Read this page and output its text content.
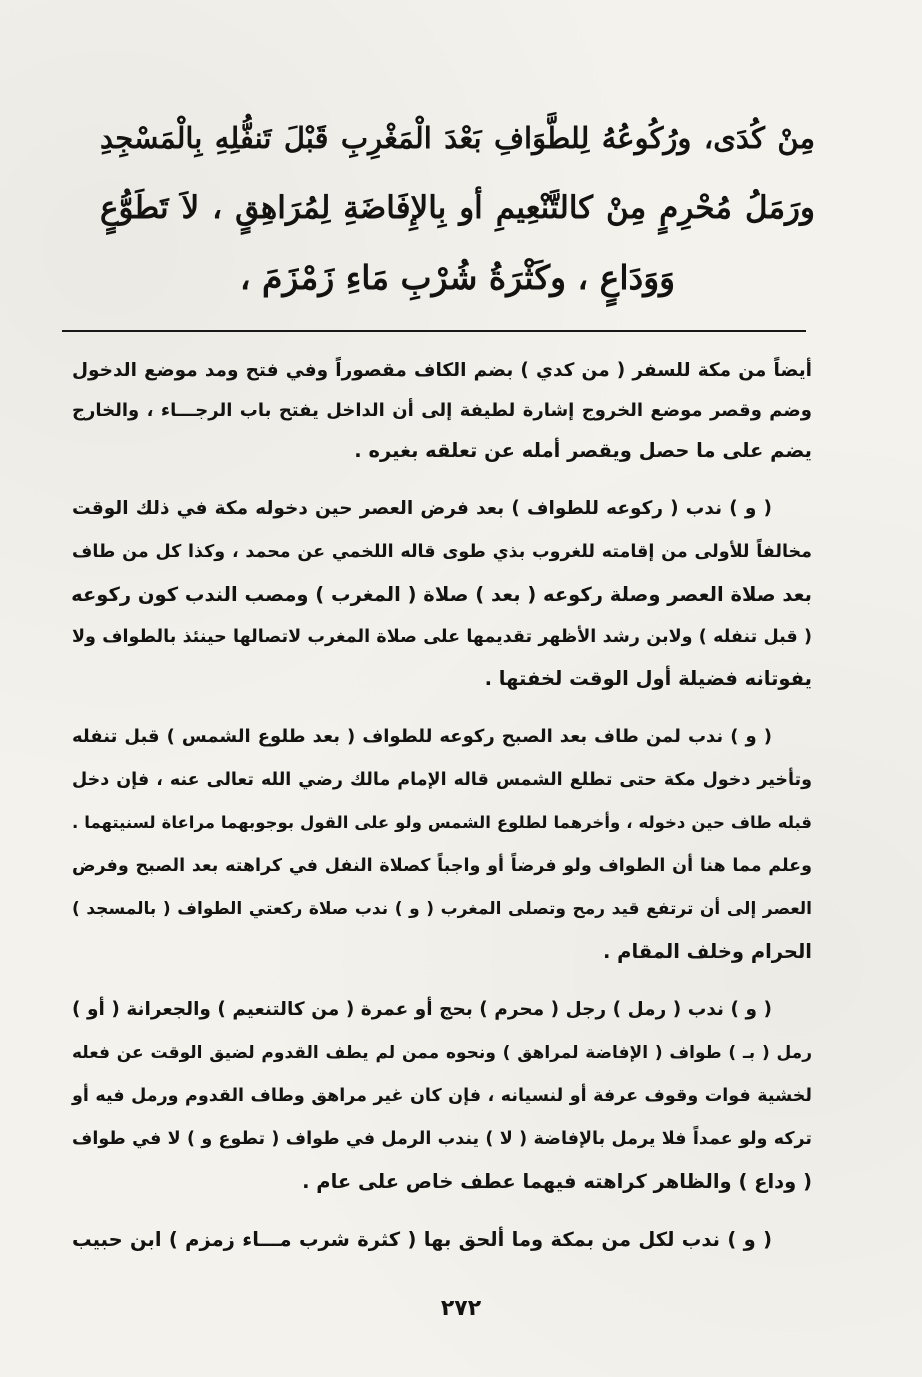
مِنْ كُدَى، ورُكُوعُهُ لِلطَّوَافِ بَعْدَ الْمَغْرِبِ قَبْلَ تَنفُّلِهِ بِالْمَسْجِدِ
ورَمَلُ مُحْرِمٍ مِنْ كالتَّنْعِيمِ أو بِالإِفَاضَةِ لِمُرَاهِقٍ ، لاَ تَطَوُّعٍ
وَوَدَاعٍ ، وكَثْرَةُ شُرْبِ مَاءِ زَمْزَمَ ،
أيضاً من مكة للسفر ( من كدي ) بضم الكاف مقصوراً وفي فتح ومد موضع الدخول
وضم وقصر موضع الخروج إشارة لطيفة إلى أن الداخل يفتح باب الرجـــاء ، والخارج
يضم على ما حصل ويقصر أمله عن تعلقه بغيره .
( و ) ندب ( ركوعه للطواف ) بعد فرض العصر حين دخوله مكة في ذلك الوقت
مخالفاً للأولى من إقامته للغروب بذي طوى قاله اللخمي عن محمد ، وكذا كل من طاف
بعد صلاة العصر وصلة ركوعه ( بعد ) صلاة ( المغرب ) ومصب الندب كون ركوعه
( قبل تنفله ) ولابن رشد الأظهر تقديمها على صلاة المغرب لاتصالها حينئذ بالطواف ولا
يفوتانه فضيلة أول الوقت لخفتها .
( و ) ندب لمن طاف بعد الصبح ركوعه للطواف ( بعد طلوع الشمس ) قبل تنفله
وتأخير دخول مكة حتى تطلع الشمس قاله الإمام مالك رضي الله تعالى عنه ، فإن دخل
قبله طاف حين دخوله ، وأخرهما لطلوع الشمس ولو على القول بوجوبهما مراعاة لسنيتهما .
وعلم مما هنا أن الطواف ولو فرضاً أو واجباً كصلاة النفل في كراهته بعد الصبح وفرض
العصر إلى أن ترتفع قيد رمح وتصلى المغرب ( و ) ندب صلاة ركعتي الطواف ( بالمسجد )
الحرام وخلف المقام .
( و ) ندب ( رمل ) رجل ( محرم ) بحج أو عمرة ( من كالتنعيم ) والجعرانة ( أو )
رمل ( بـ ) طواف ( الإفاضة لمراهق ) ونحوه ممن لم يطف القدوم لضيق الوقت عن فعله
لخشية فوات وقوف عرفة أو لنسيانه ، فإن كان غير مراهق وطاف القدوم ورمل فيه أو
تركه ولو عمداً فلا يرمل بالإفاضة ( لا ) يندب الرمل في طواف ( تطوع و ) لا في طواف
( وداع ) والظاهر كراهته فيهما عطف خاص على عام .
( و ) ندب لكل من بمكة وما ألحق بها ( كثرة شرب مـــاء زمزم ) ابن حبيب
٢٧٢
